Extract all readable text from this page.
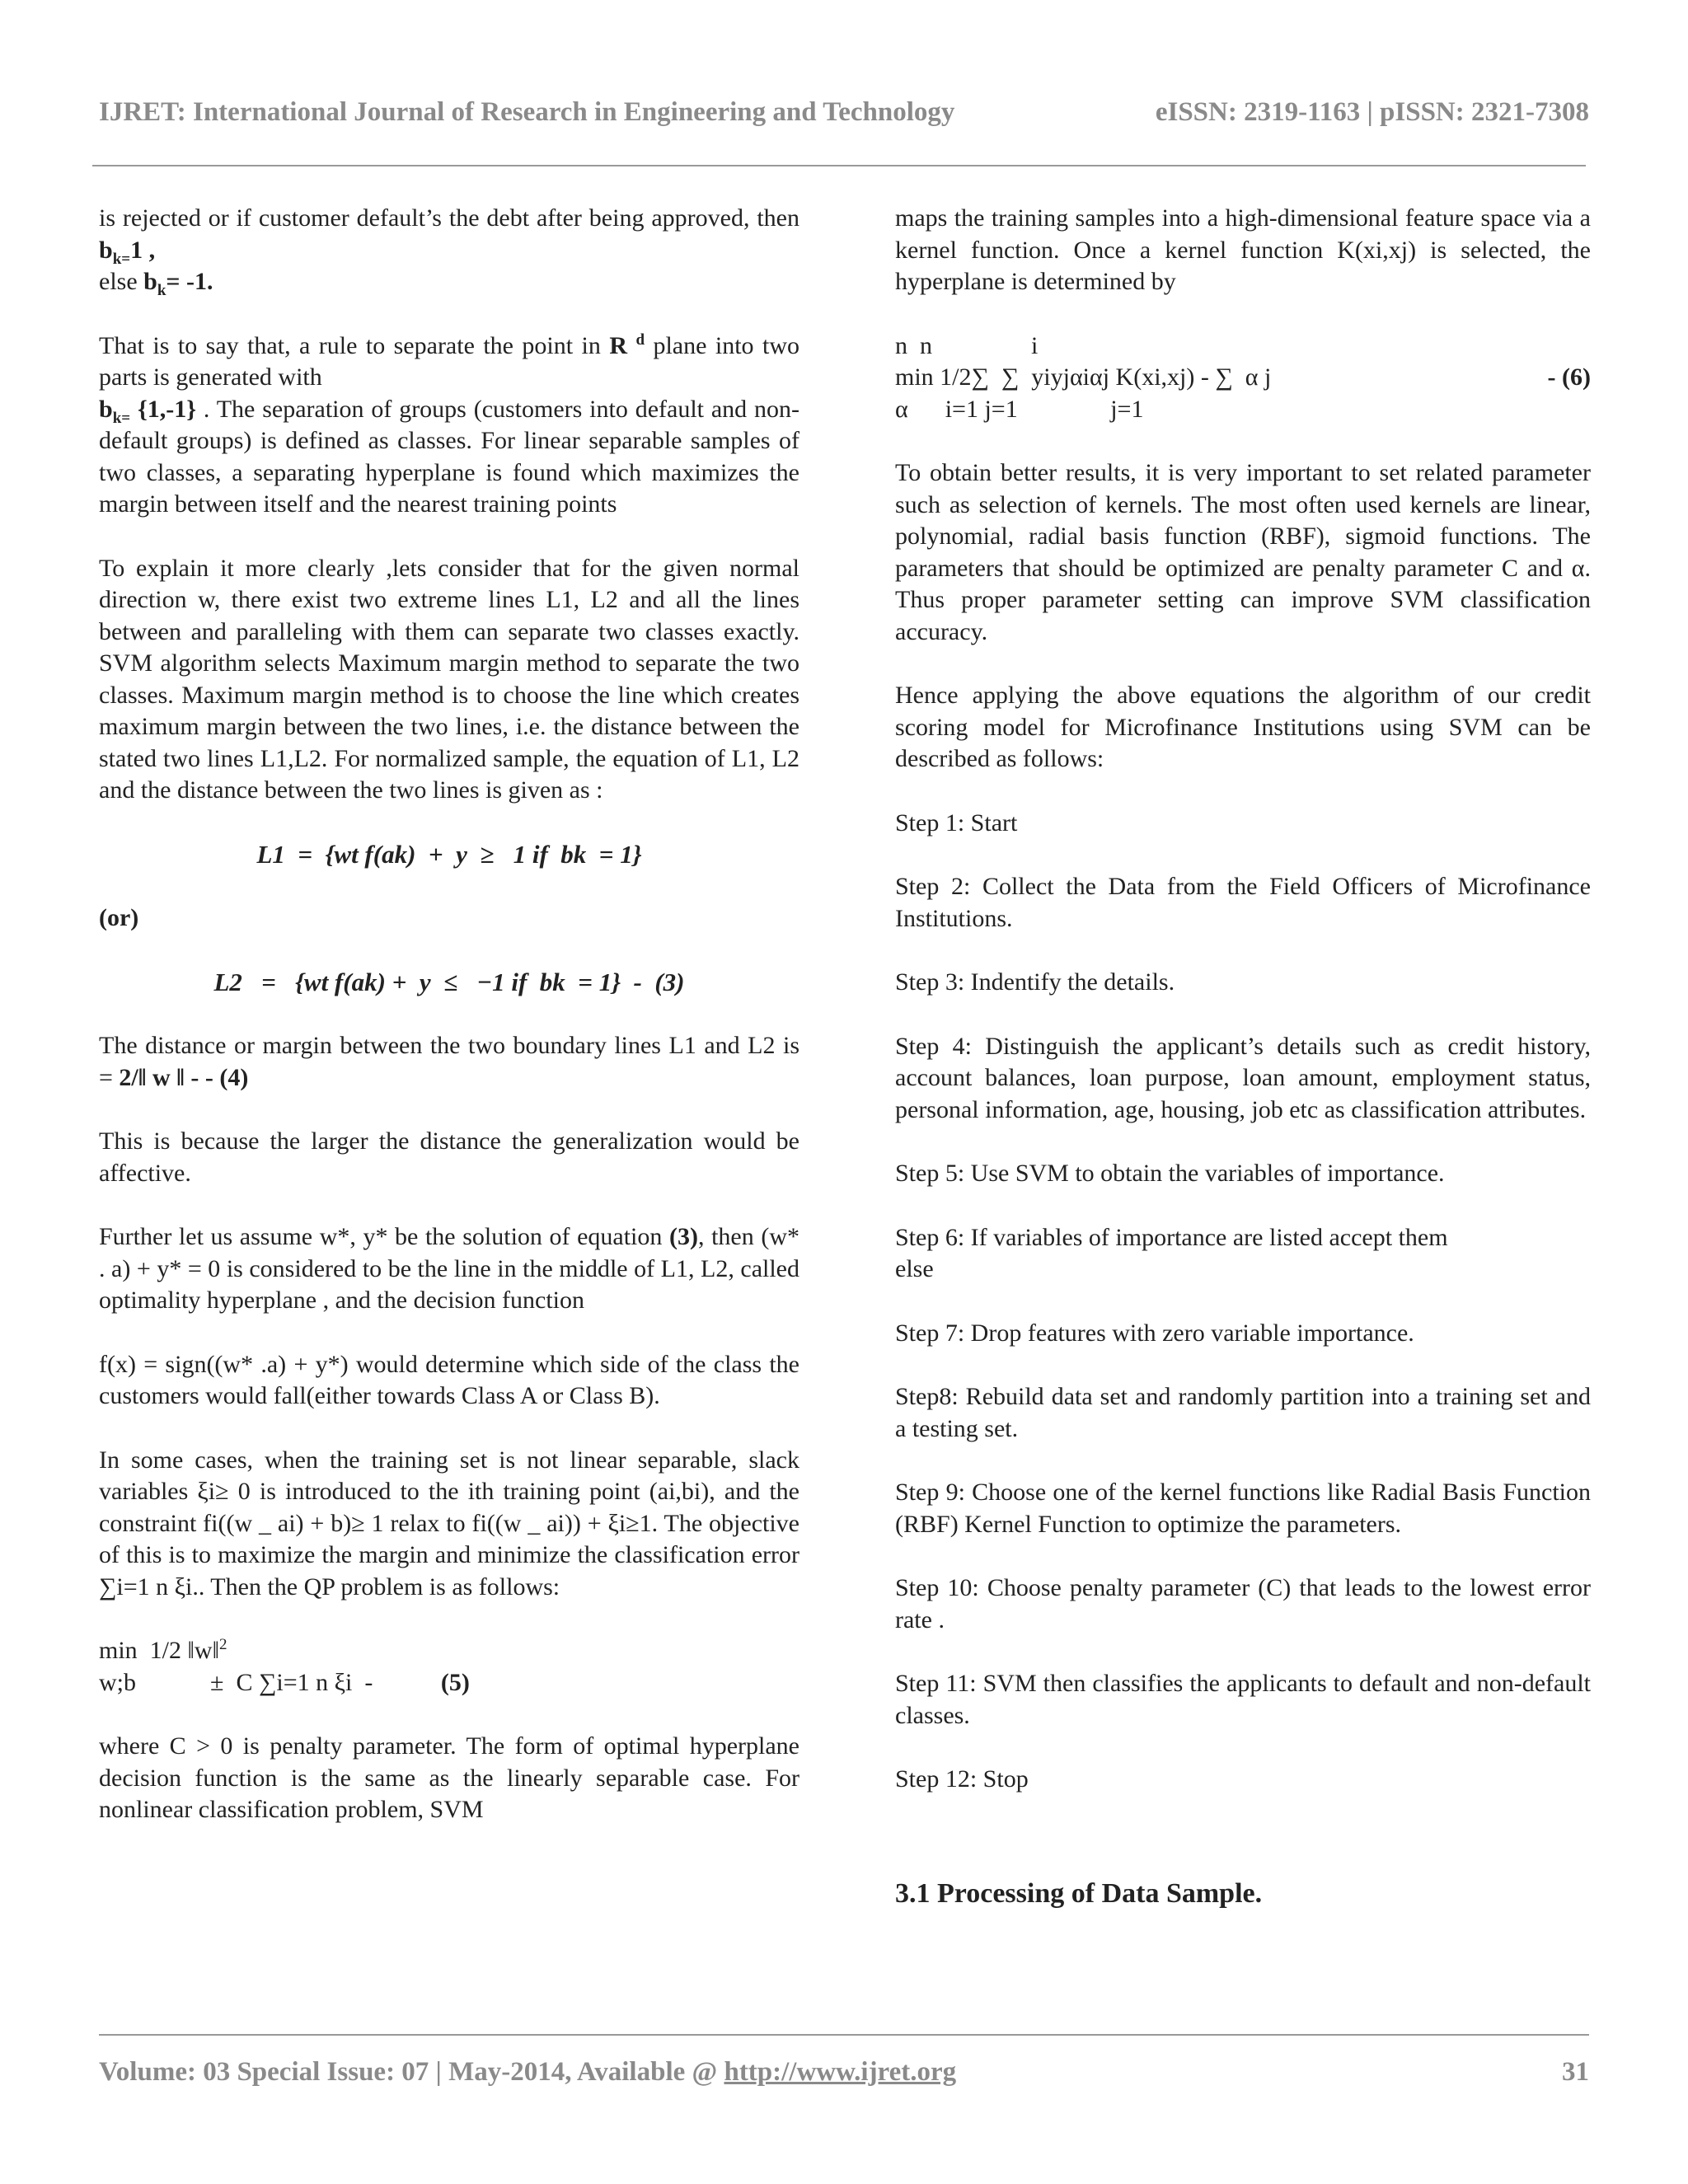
IJRET: International Journal of Research in Engineering and Technology	eISSN: 2319-1163 | pISSN: 2321-7308

is rejected or if customer default’s the debt after being approved, then $b_{k=}1$ ,

else $b_k= -1$.

That is to say that, a rule to separate the point in R $^d$ plane into two parts is generated with
$b_{k=}$ {1,-1} . The separation of groups (customers into default and non-default groups) is defined as classes. For linear separable samples of two classes, a separating hyperplane is found which maximizes the margin between itself and the nearest training points

To explain it more clearly ,lets consider that for the given normal direction w, there exist two extreme lines L1, L2 and all the lines between and paralleling with them can separate two classes exactly. SVM algorithm selects Maximum margin method to separate the two classes. Maximum margin method is to choose the line which creates maximum margin between the two lines, i.e. the distance between the stated two lines L1,L2. For normalized sample, the equation of L1, L2 and the distance between the two lines is given as :

L1  =  {wt f(ak)  +  y  ≥   1 if  bk  = 1}

(or)

L2   =   {wt f(ak) +  y  ≤   −1 if  bk  = 1}  -  (3)

The distance or margin between the two boundary lines L1 and L2 is = 2/‖ w ‖ - - (4)

This is because the larger the distance the generalization would be affective.

Further let us assume w*, y* be the solution of equation (3), then (w* . a) + y* = 0 is considered to be the line in the middle of L1, L2, called optimality hyperplane , and the decision function

f(x) = sign((w* .a) + y*) would determine which side of the class the customers would fall(either towards Class A or Class B).

In some cases, when the training set is not linear separable, slack variables ξi≥ 0 is introduced to the ith training point (ai,bi), and the constraint fi((w _ ai) + b)≥ 1 relax to fi((w _ ai)) + ξi≥1. The objective of this is to maximize the margin and minimize the classification error ∑i=1 n ξi.. Then the QP problem is as follows:

min  1/2 ‖w‖$^2$
w;b            ±  C ∑i=1 n ξi  -	(5)

where C > 0 is penalty parameter. The form of optimal hyperplane decision function is the same as the linearly separable case. For nonlinear classification problem, SVM

maps the training samples into a high-dimensional feature space via a kernel function. Once a kernel function K(xi,xj) is selected, the hyperplane is determined by

n  n                i
min 1/2∑  ∑  yiyjαiαj K(xi,xj) - ∑  α j	- (6)
α      i=1 j=1               j=1

To obtain better results, it is very important to set related parameter such as selection of kernels. The most often used kernels are linear, polynomial, radial basis function (RBF), sigmoid functions. The parameters that should be optimized are penalty parameter C and α. Thus proper parameter setting can improve SVM classification accuracy.

Hence applying the above equations the algorithm of our credit scoring model for Microfinance Institutions using SVM can be described as follows:

Step 1: Start

Step 2: Collect the Data from the Field Officers of Microfinance Institutions.

Step 3: Indentify the details.

Step 4: Distinguish the applicant’s details such as credit history, account balances, loan purpose, loan amount, employment status, personal information, age, housing, job etc as classification attributes.

Step 5: Use SVM to obtain the variables of importance.

Step 6: If variables of importance are listed accept them

else

Step 7: Drop features with zero variable importance.

Step8: Rebuild data set and randomly partition into a training set and a testing set.

Step 9: Choose one of the kernel functions like Radial Basis Function (RBF) Kernel Function to optimize the parameters.

Step 10: Choose penalty parameter (C) that leads to the lowest error rate .

Step 11: SVM then classifies the applicants to default and non-default classes.

Step 12: Stop

3.1 Processing of Data Sample.
Volume: 03 Special Issue: 07 | May-2014, Available @ http://www.ijret.org	31
